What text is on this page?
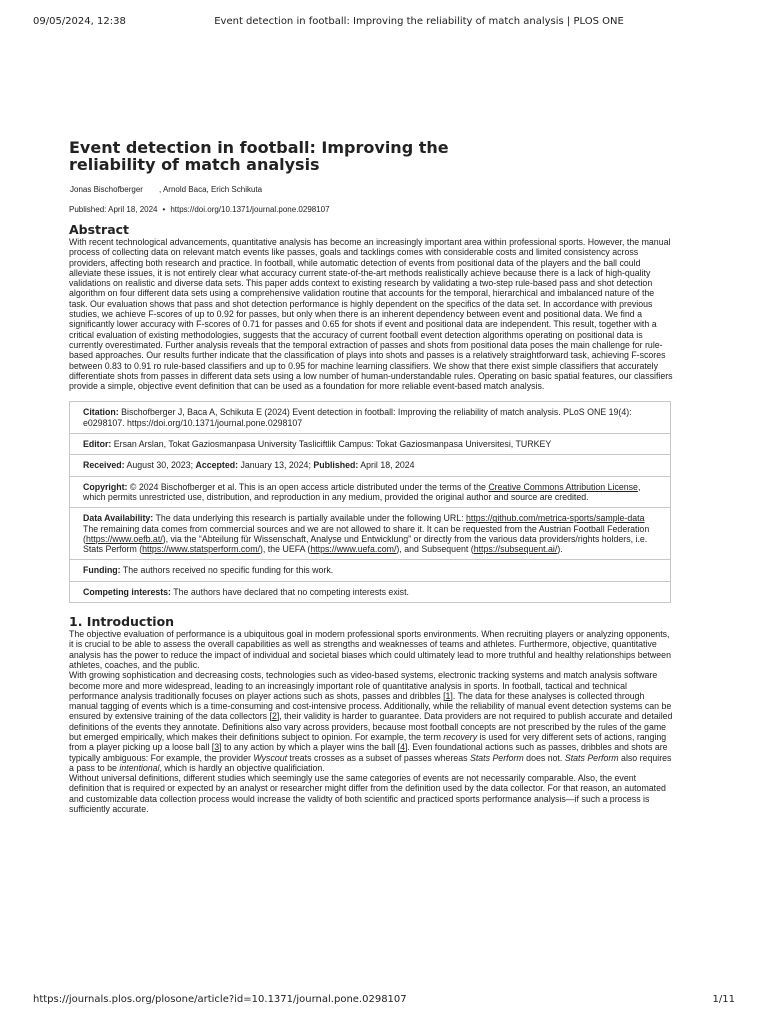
09/05/2024, 12:38	Event detection in football: Improving the reliability of match analysis | PLOS ONE
Event detection in football: Improving the reliability of match analysis
Jonas Bischofberger , Arnold Baca, Erich Schikuta
Published: April 18, 2024 • https://doi.org/10.1371/journal.pone.0298107
Abstract

With recent technological advancements, quantitative analysis has become an increasingly important area within professional sports. However, the manual process of collecting data on relevant match events like passes, goals and tacklings comes with considerable costs and limited consistency across providers, affecting both research and practice. In football, while automatic detection of events from positional data of the players and the ball could alleviate these issues, it is not entirely clear what accuracy current state-of-the-art methods realistically achieve because there is a lack of high-quality validations on realistic and diverse data sets. This paper adds context to existing research by validating a two-step rule-based pass and shot detection algorithm on four different data sets using a comprehensive validation routine that accounts for the temporal, hierarchical and imbalanced nature of the task. Our evaluation shows that pass and shot detection performance is highly dependent on the specifics of the data set. In accordance with previous studies, we achieve F-scores of up to 0.92 for passes, but only when there is an inherent dependency between event and positional data. We find a significantly lower accuracy with F-scores of 0.71 for passes and 0.65 for shots if event and positional data are independent. This result, together with a critical evaluation of existing methodologies, suggests that the accuracy of current football event detection algorithms operating on positional data is currently overestimated. Further analysis reveals that the temporal extraction of passes and shots from positional data poses the main challenge for rule-based approaches. Our results further indicate that the classification of plays into shots and passes is a relatively straightforward task, achieving F-scores between 0.83 to 0.91 ro rule-based classifiers and up to 0.95 for machine learning classifiers. We show that there exist simple classifiers that accurately differentiate shots from passes in different data sets using a low number of human-understandable rules. Operating on basic spatial features, our classifiers provide a simple, objective event definition that can be used as a foundation for more reliable event-based match analysis.

Citation: Bischofberger J, Baca A, Schikuta E (2024) Event detection in football: Improving the reliability of match analysis. PLoS ONE 19(4): e0298107. https://doi.org/10.1371/journal.pone.0298107
Editor: Ersan Arslan, Tokat Gaziosmanpasa University Tasliciftlik Campus: Tokat Gaziosmanpasa Universitesi, TURKEY
Received: August 30, 2023; Accepted: January 13, 2024; Published: April 18, 2024
Copyright: © 2024 Bischofberger et al. This is an open access article distributed under the terms of the Creative Commons Attribution License, which permits unrestricted use, distribution, and reproduction in any medium, provided the original author and source are credited.
Data Availability: The data underlying this research is partially available under the following URL: https://github.com/metrica-sports/sample-data The remaining data comes from commercial sources and we are not allowed to share it. It can be requested from the Austrian Football Federation (https://www.oefb.at/), via the “Abteilung für Wissenschaft, Analyse und Entwicklung” or directly from the various data providers/rights holders, i.e. Stats Perform (https://www.statsperform.com/), the UEFA (https://www.uefa.com/), and Subsequent (https://subsequent.ai/).
Funding: The authors received no specific funding for this work.
Competing interests: The authors have declared that no competing interests exist.
1. Introduction

The objective evaluation of performance is a ubiquitous goal in modern professional sports environments. When recruiting players or analyzing opponents, it is crucial to be able to assess the overall capabilities as well as strengths and weaknesses of teams and athletes. Furthermore, objective, quantitative analysis has the power to reduce the impact of individual and societal biases which could ultimately lead to more truthful and healthy relationships between athletes, coaches, and the public.

With growing sophistication and decreasing costs, technologies such as video-based systems, electronic tracking systems and match analysis software become more and more widespread, leading to an increasingly important role of quantitative analysis in sports. In football, tactical and technical performance analysis traditionally focuses on player actions such as shots, passes and dribbles [1]. The data for these analyses is collected through manual tagging of events which is a time-consuming and cost-intensive process. Additionally, while the reliability of manual event detection systems can be ensured by extensive training of the data collectors [2], their validity is harder to guarantee. Data providers are not required to publish accurate and detailed definitions of the events they annotate. Definitions also vary across providers, because most football concepts are not prescribed by the rules of the game but emerged empirically, which makes their definitions subject to opinion. For example, the term recovery is used for very different sets of actions, ranging from a player picking up a loose ball [3] to any action by which a player wins the ball [4]. Even foundational actions such as passes, dribbles and shots are typically ambiguous: For example, the provider Wyscout treats crosses as a subset of passes whereas Stats Perform does not. Stats Perform also requires a pass to be intentional, which is hardly an objective qualificiation.

Without universal definitions, different studies which seemingly use the same categories of events are not necessarily comparable. Also, the event definition that is required or expected by an analyst or researcher might differ from the definition used by the data collector. For that reason, an automated and customizable data collection process would increase the validty of both scientific and practiced sports performance analysis—if such a process is sufficiently accurate.

https://journals.plos.org/plosone/article?id=10.1371/journal.pone.0298107	1/11
